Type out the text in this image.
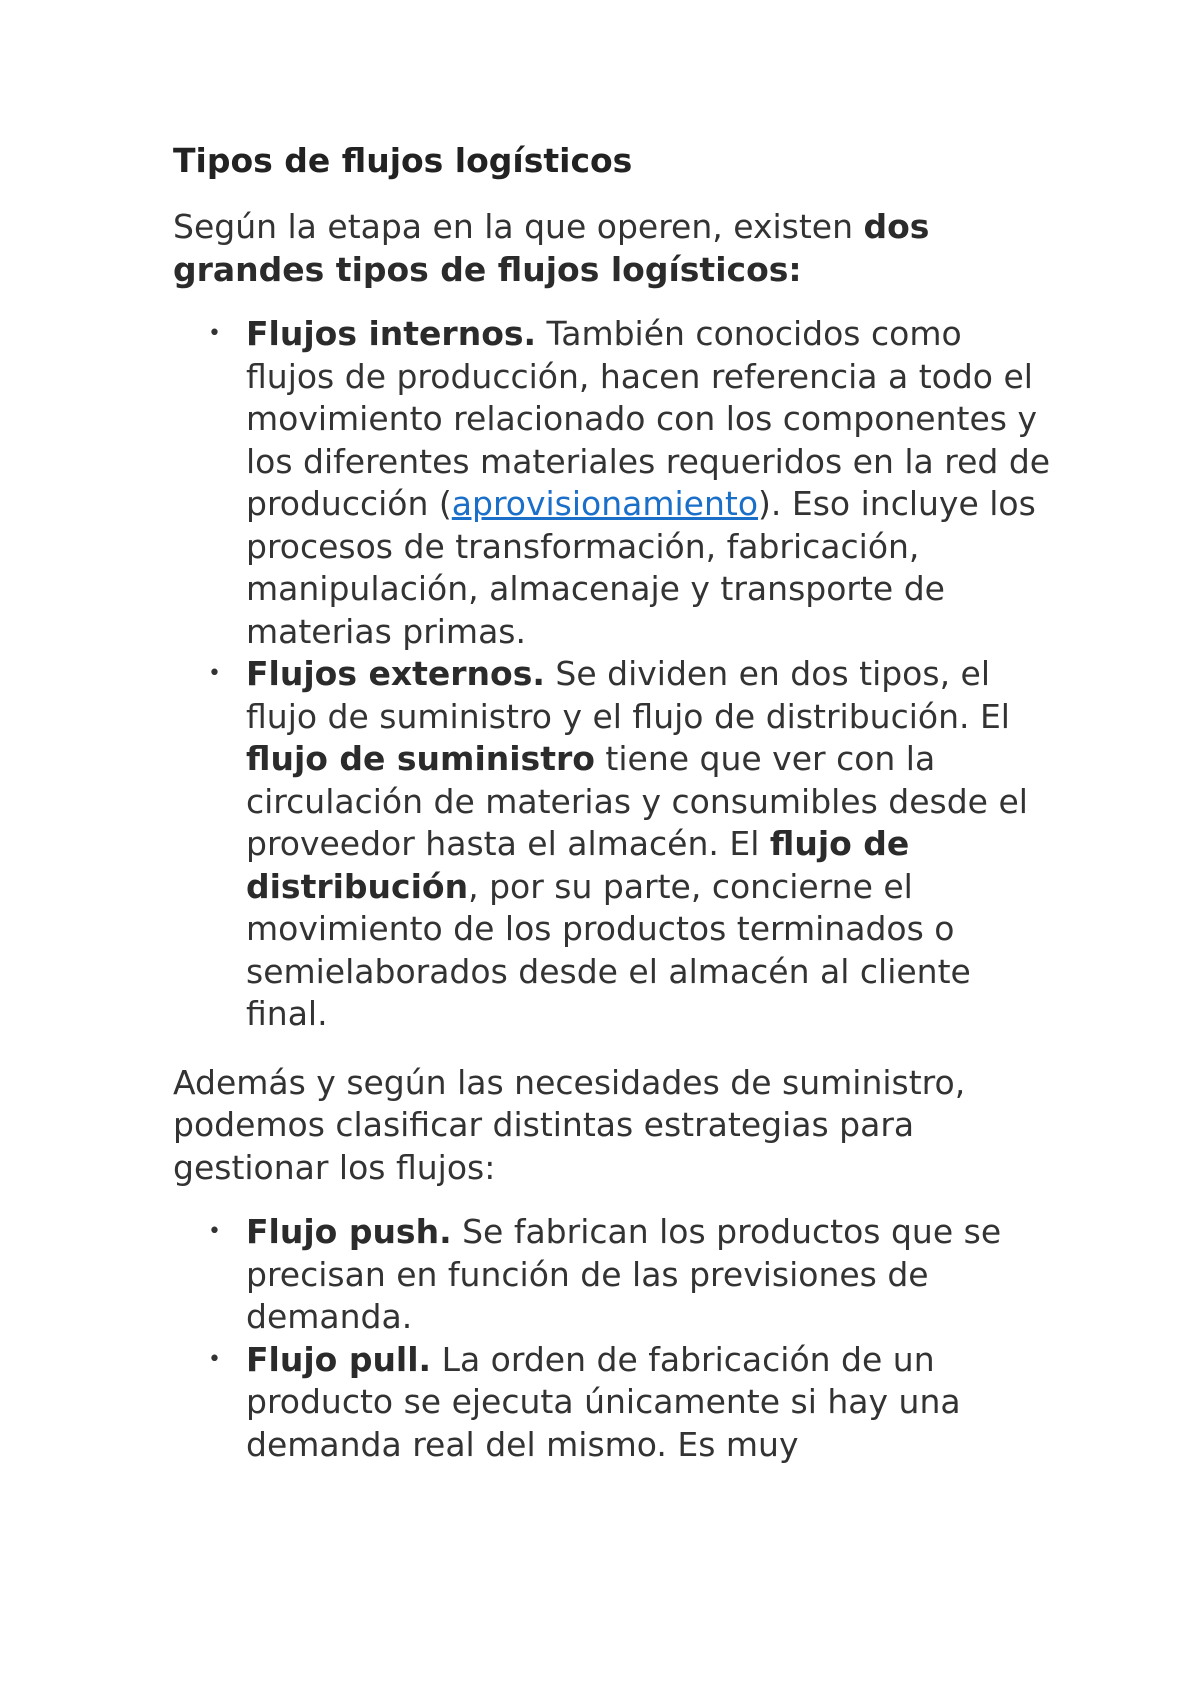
Tipos de flujos logísticos

Según la etapa en la que operen, existen dos grandes tipos de flujos logísticos:

• Flujos internos. También conocidos como flujos de producción, hacen referencia a todo el movimiento relacionado con los componentes y los diferentes materiales requeridos en la red de producción (aprovisionamiento). Eso incluye los procesos de transformación, fabricación, manipulación, almacenaje y transporte de materias primas.
• Flujos externos. Se dividen en dos tipos, el flujo de suministro y el flujo de distribución. El flujo de suministro tiene que ver con la circulación de materias y consumibles desde el proveedor hasta el almacén. El flujo de distribución, por su parte, concierne el movimiento de los productos terminados o semielaborados desde el almacén al cliente final.

Además y según las necesidades de suministro, podemos clasificar distintas estrategias para gestionar los flujos:

• Flujo push. Se fabrican los productos que se precisan en función de las previsiones de demanda.
• Flujo pull. La orden de fabricación de un producto se ejecuta únicamente si hay una demanda real del mismo. Es muy
